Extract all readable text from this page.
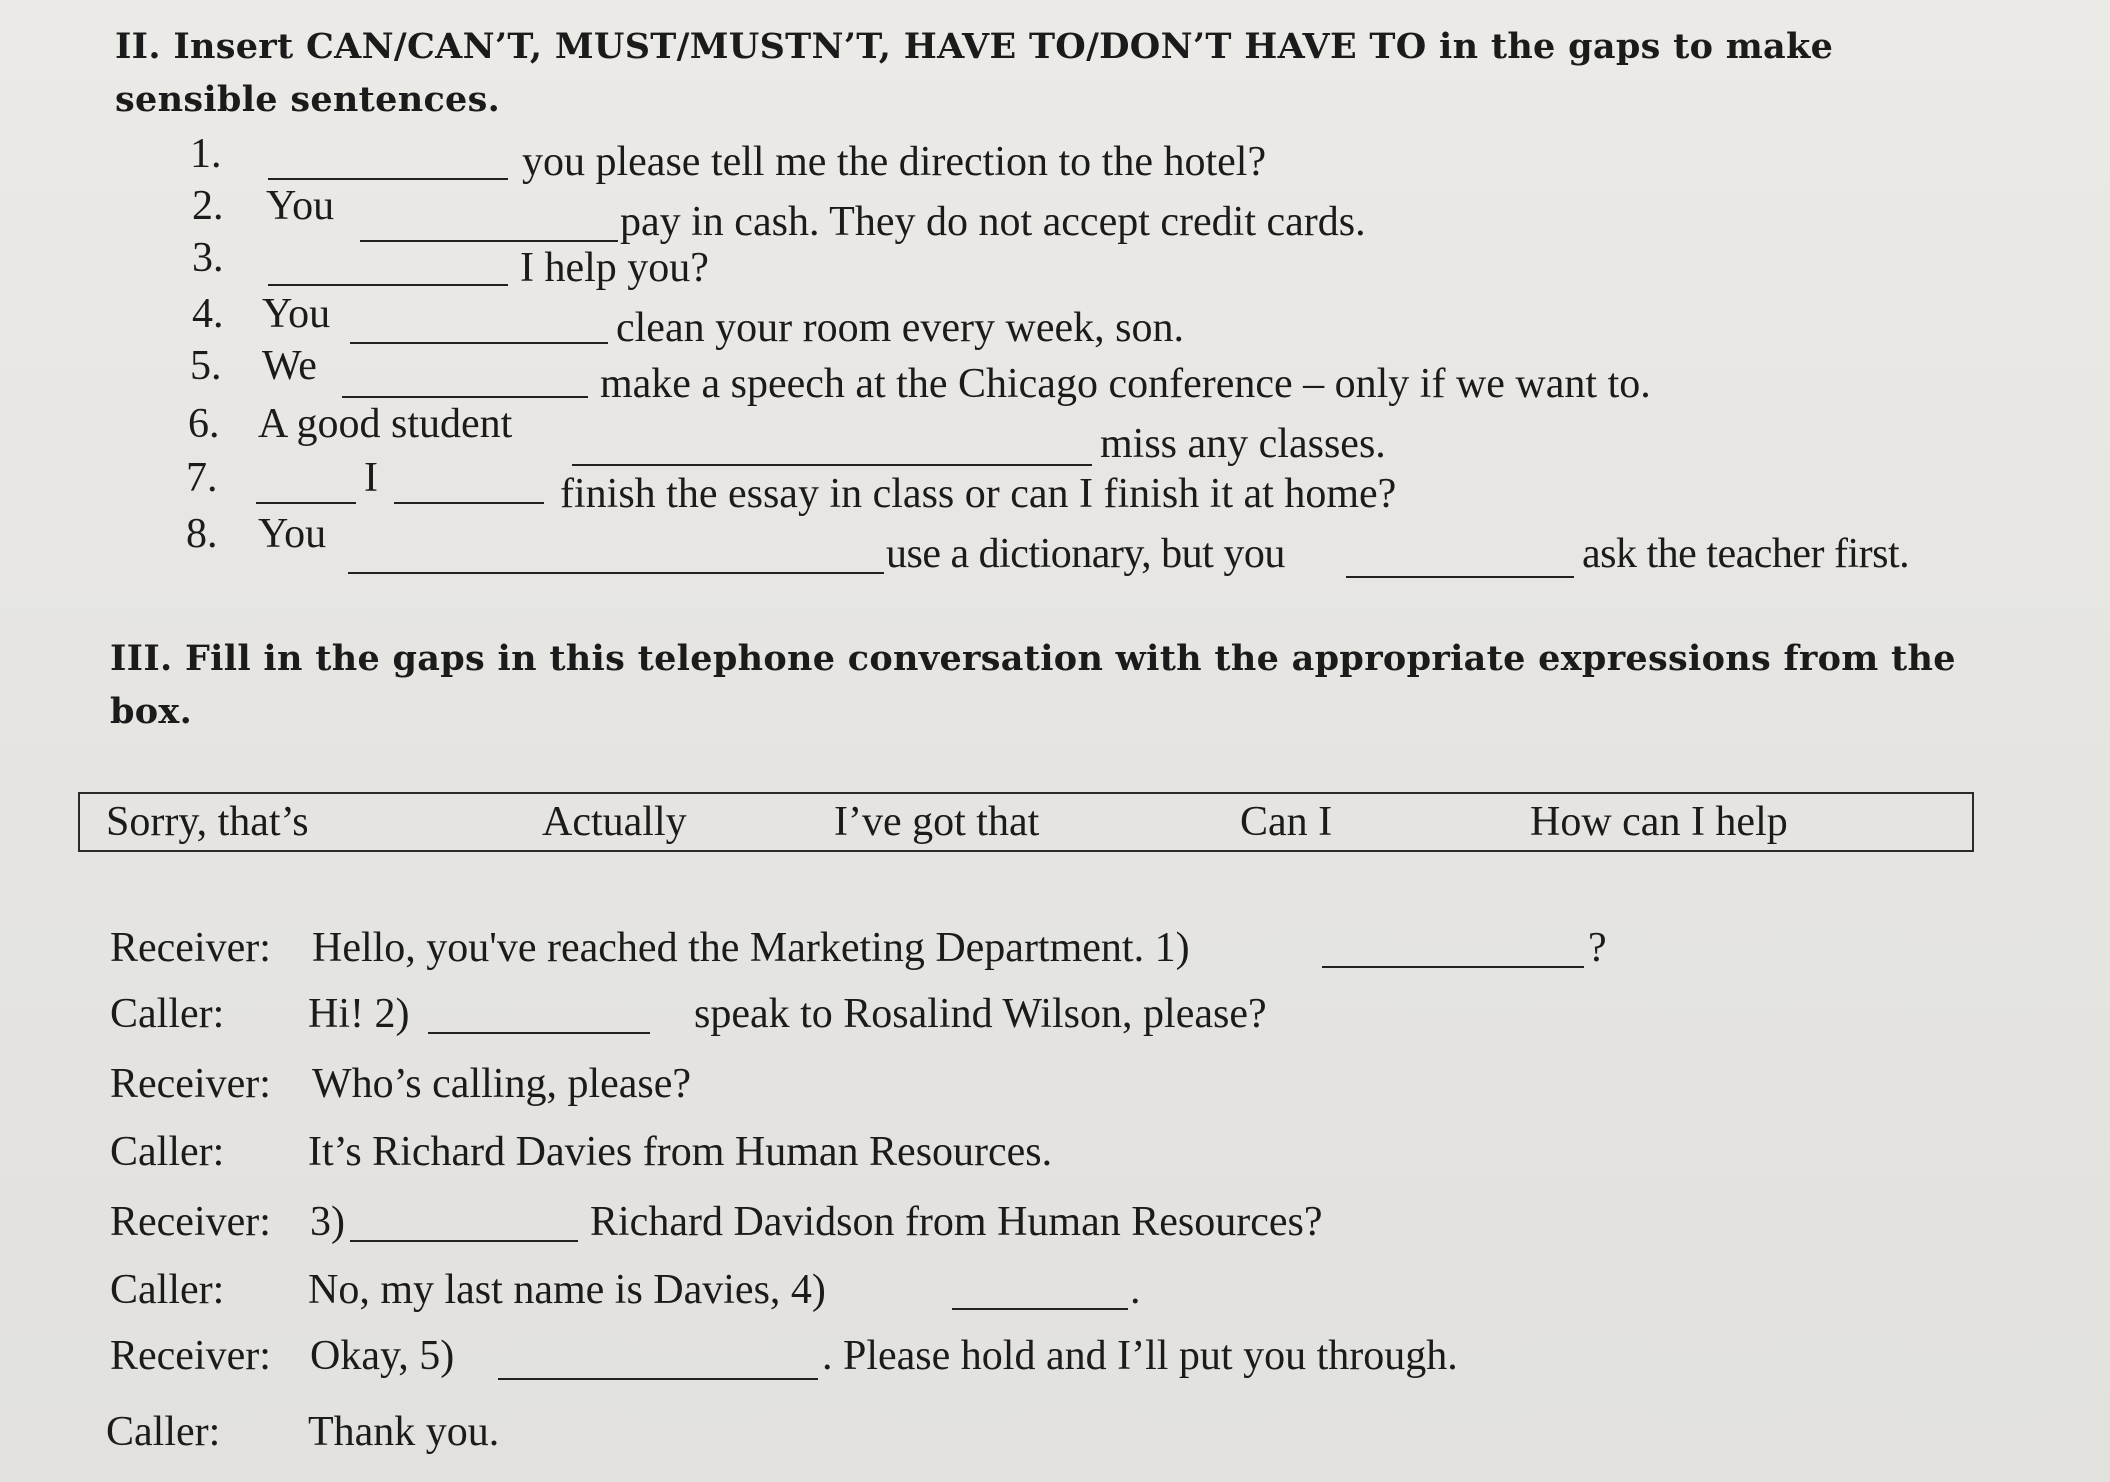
II. Insert CAN/CAN’T, MUST/MUSTN’T, HAVE TO/DON’T HAVE TO in the gaps to make sensible sentences.
1.	you please tell me the direction to the hotel?
2. You	pay in cash. They do not accept credit cards.
3.	I help you?
4. You	clean your room every week, son.
5. We	make a speech at the Chicago conference – only if we want to.
6. A good student	miss any classes.
7.	I	finish the essay in class or can I finish it at home?
8. You	use a dictionary, but you	ask the teacher first.
III. Fill in the gaps in this telephone conversation with the appropriate expressions from the box.
Sorry, that’s	Actually	I’ve got that	Can I	How can I help
Receiver: Hello, you've reached the Marketing Department. 1)	?
Caller: Hi! 2)	speak to Rosalind Wilson, please?
Receiver: Who’s calling, please?
Caller: It’s Richard Davies from Human Resources.
Receiver: 3)	Richard Davidson from Human Resources?
Caller: No, my last name is Davies, 4)	.
Receiver: Okay, 5)	. Please hold and I’ll put you through.
Caller: Thank you.
